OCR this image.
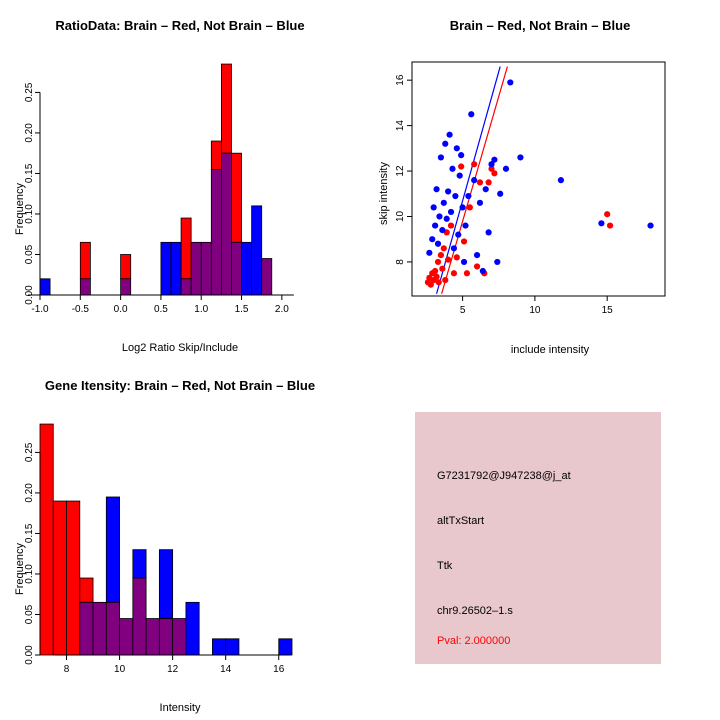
RatioData: Brain – Red, Not Brain – Blue
Frequency
Log2 Ratio Skip/Include
-1.0 -0.5 0.0	0.5	1.0	1.5	2.0
0.00
0.05
0.10
0.15
0.20
0.25
Brain – Red, Not Brain – Blue
skip intensity
include intensity
5	10	15
8
10
12
14
16
Gene Itensity: Brain – Red, Not Brain – Blue
Frequency
Intensity
8	10	12	14	16
0.00
0.05
0.10
0.15
0.20
0.25
G7231792@J947238@j_at
altTxStart
Ttk
chr9.26502–1.s
Pval: 2.000000
